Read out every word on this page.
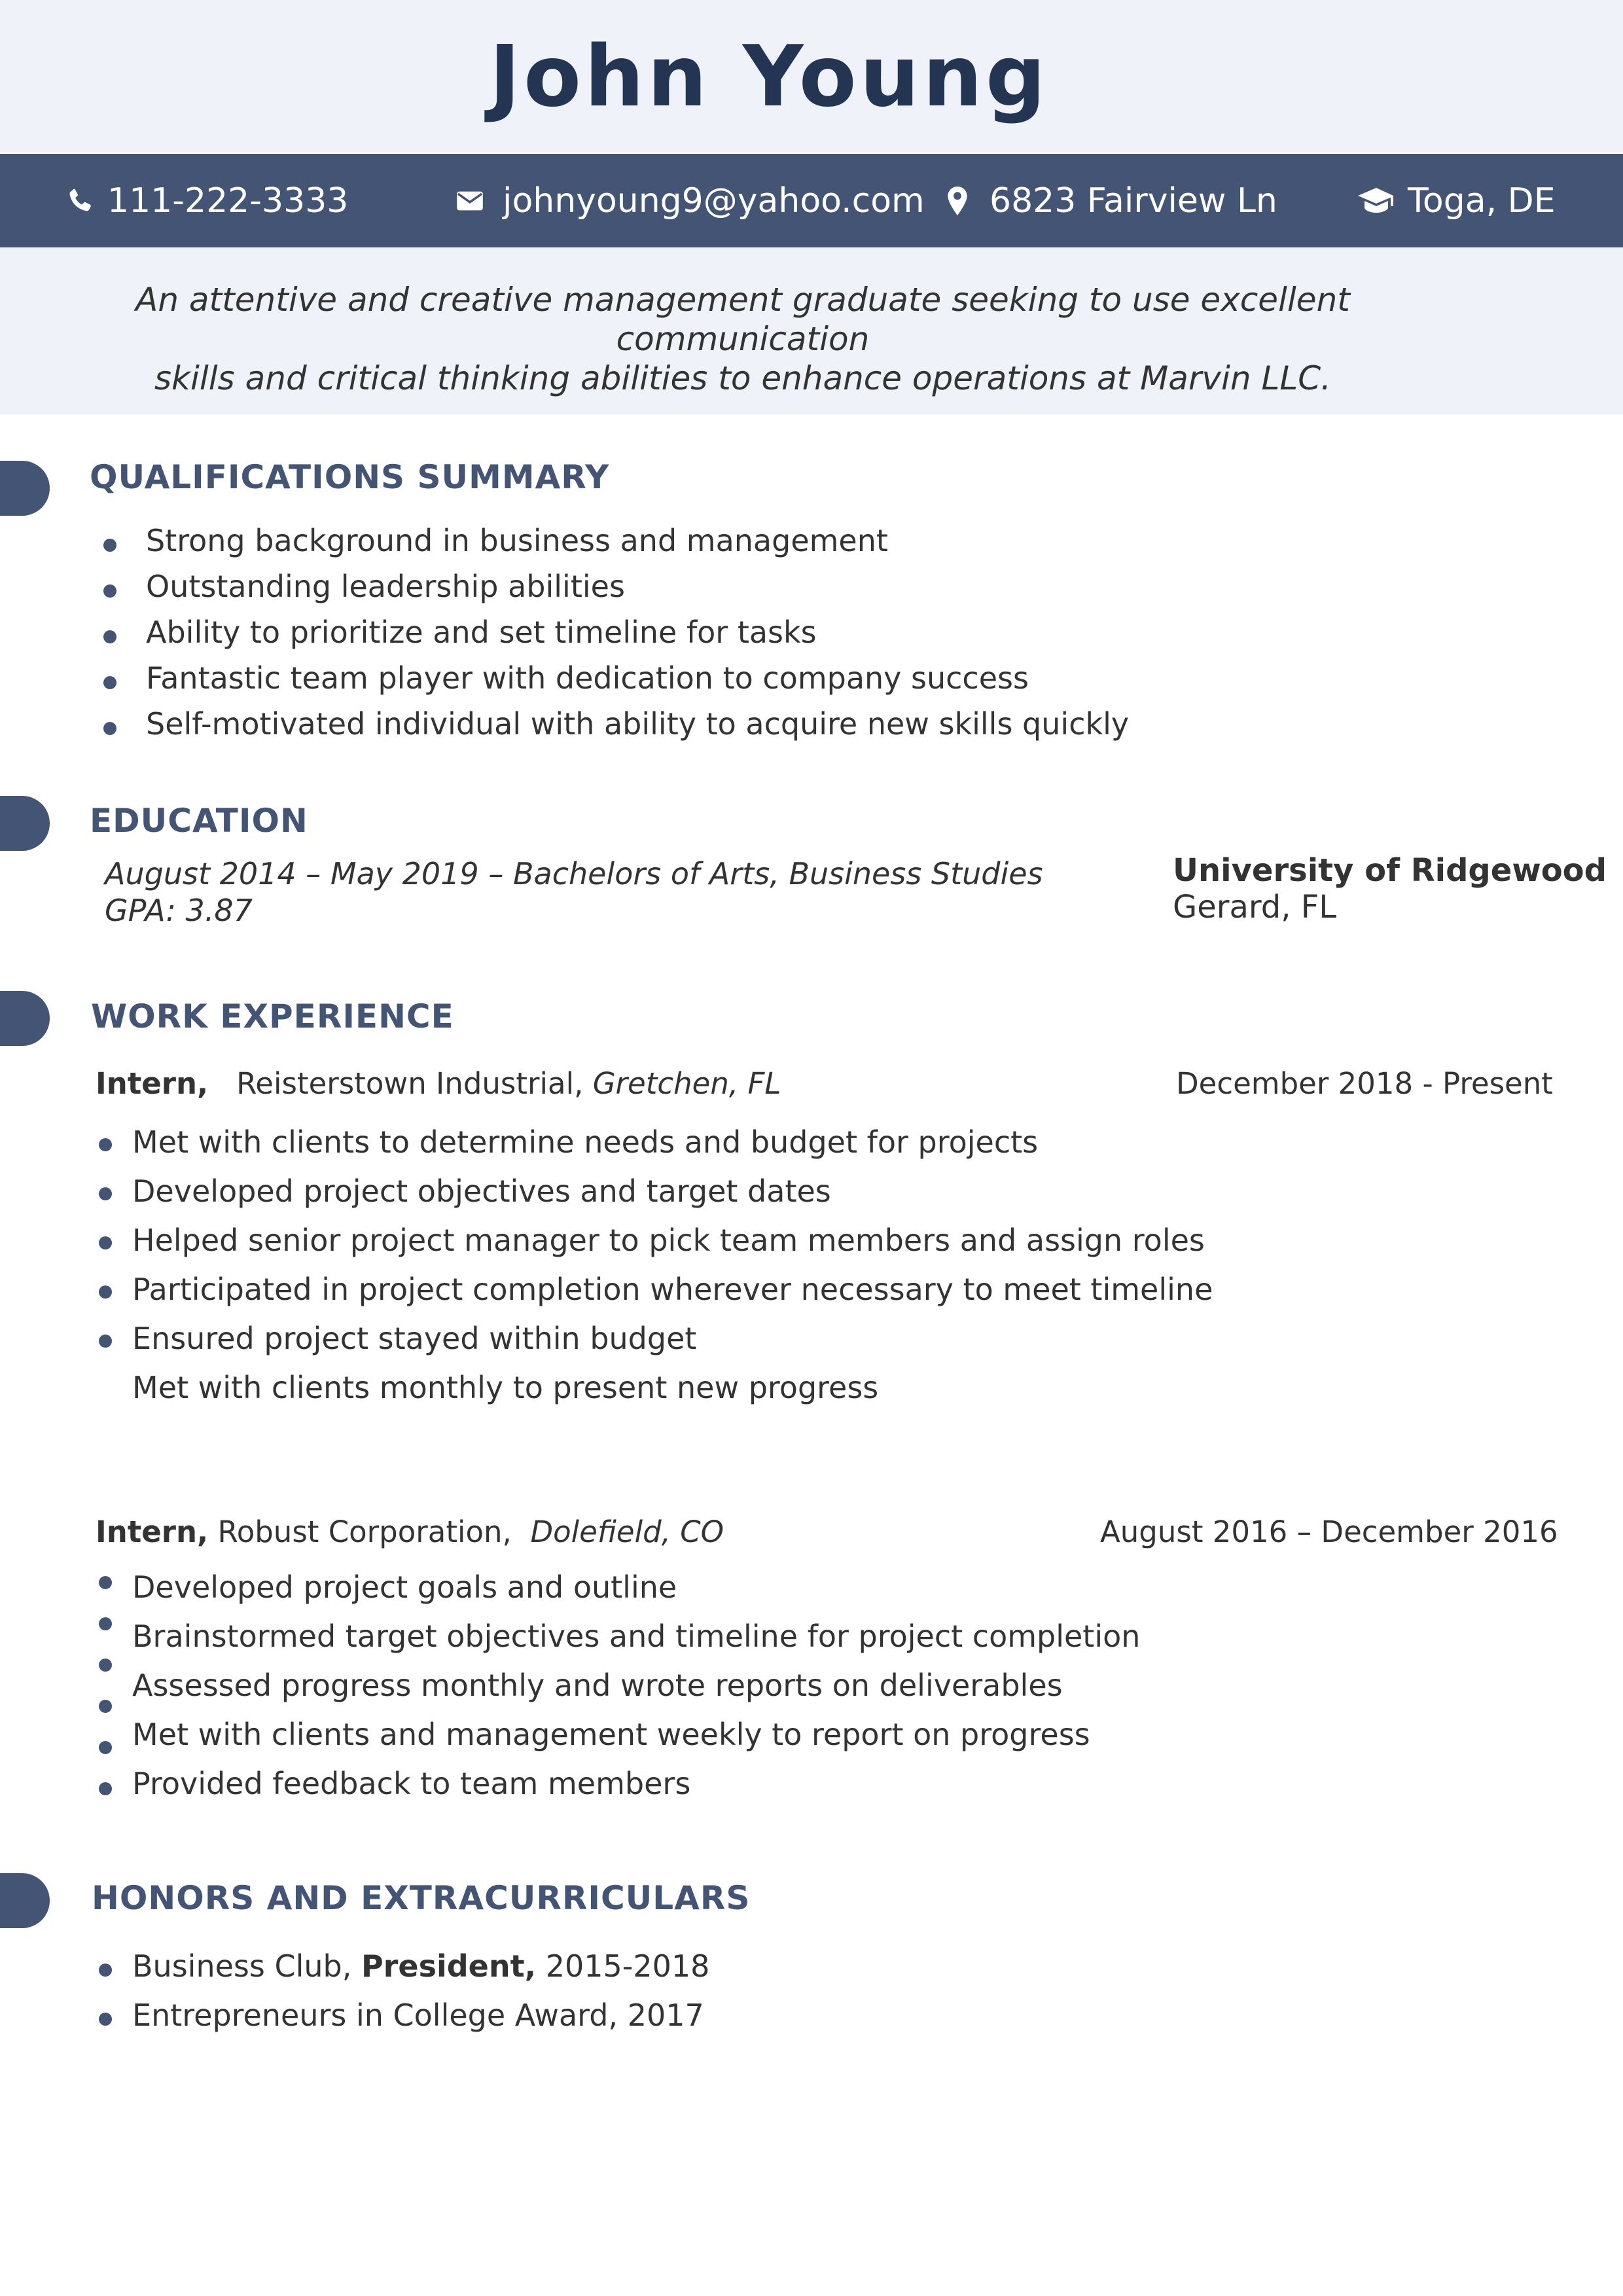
John Young
111-222-3333	johnyoung9@yahoo.com 6823 Fairview Ln	Toga, DE
An attentive and creative management graduate seeking to use excellent communication
skills and critical thinking abilities to enhance operations at Marvin LLC.
QUALIFICATIONS SUMMARY
Strong background in business and management
Outstanding leadership abilities
Ability to prioritize and set timeline for tasks
Fantastic team player with dedication to company success
Self-motivated individual with ability to acquire new skills quickly
EDUCATION
August 2014 – May 2019 – Bachelors of Arts, Business Studies
GPA: 3.87
University of Ridgewood
Gerard, FL
WORK EXPERIENCE
Intern, Reisterstown Industrial, Gretchen, FL	December 2018 - Present
Met with clients to determine needs and budget for projects
Developed project objectives and target dates
Helped senior project manager to pick team members and assign roles
Participated in project completion wherever necessary to meet timeline
Ensured project stayed within budget
Met with clients monthly to present new progress
Intern, Robust Corporation, Dolefield, CO	August 2016 – December 2016
Developed project goals and outline
Brainstormed target objectives and timeline for project completion
Assessed progress monthly and wrote reports on deliverables
Met with clients and management weekly to report on progress
Provided feedback to team members
HONORS AND EXTRACURRICULARS
Business Club, President, 2015-2018
Entrepreneurs in College Award, 2017
